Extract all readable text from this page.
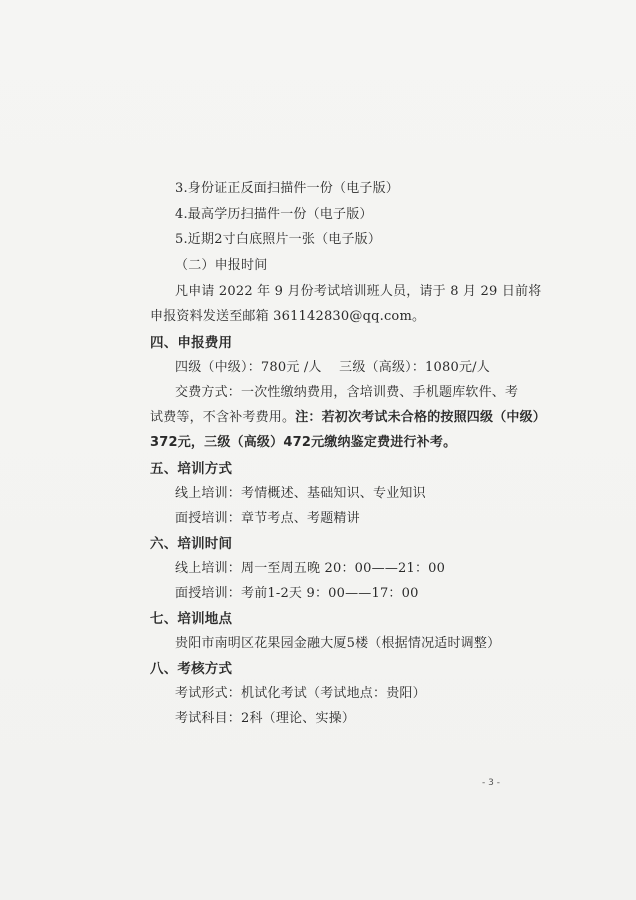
3.身份证正反面扫描件一份（电子版）
4.最高学历扫描件一份（电子版）
5.近期2寸白底照片一张（电子版）
（二）申报时间
凡申请 2022 年 9 月份考试培训班人员，请于 8 月 29 日前将
申报资料发送至邮箱 361142830@qq.com。
四、申报费用
四级（中级）：780元 /人　 三级（高级）：1080元/人
交费方式：一次性缴纳费用，含培训费、手机题库软件、考
试费等，不含补考费用。注：若初次考试未合格的按照四级（中级）
372元，三级（高级）472元缴纳鉴定费进行补考。
五、培训方式
线上培训：考情概述、基础知识、专业知识
面授培训：章节考点、考题精讲
六、培训时间
线上培训：周一至周五晚 20：00——21：00
面授培训：考前1-2天 9：00——17：00
七、培训地点
贵阳市南明区花果园金融大厦5楼（根据情况适时调整）
八、考核方式
考试形式：机试化考试（考试地点：贵阳）
考试科目：2科（理论、实操）
- 3 -
